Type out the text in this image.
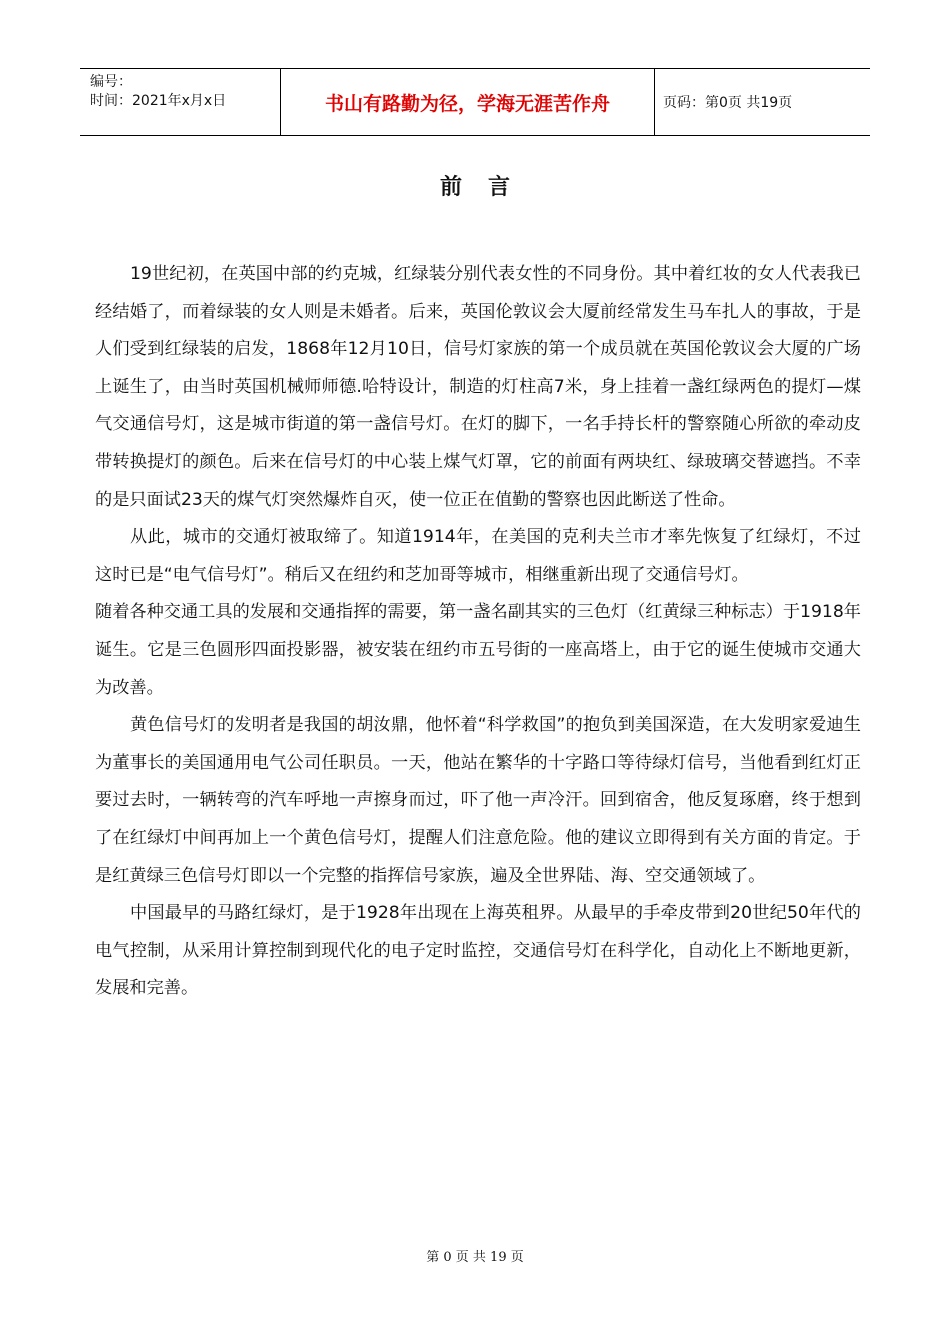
编号：
时间：2021年x月x日	书山有路勤为径，学海无涯苦作舟	页码：第0页 共19页
前言

19世纪初，在英国中部的约克城，红绿装分别代表女性的不同身份。其中着红妆的女人代表我已经结婚了，而着绿装的女人则是未婚者。后来，英国伦敦议会大厦前经常发生马车扎人的事故，于是人们受到红绿装的启发，1868年12月10日，信号灯家族的第一个成员就在英国伦敦议会大厦的广场上诞生了，由当时英国机械师师德.哈特设计，制造的灯柱高7米，身上挂着一盏红绿两色的提灯—煤气交通信号灯，这是城市街道的第一盏信号灯。在灯的脚下，一名手持长杆的警察随心所欲的牵动皮带转换提灯的颜色。后来在信号灯的中心装上煤气灯罩，它的前面有两块红、绿玻璃交替遮挡。不幸的是只面试23天的煤气灯突然爆炸自灭，使一位正在值勤的警察也因此断送了性命。

从此，城市的交通灯被取缔了。知道1914年，在美国的克利夫兰市才率先恢复了红绿灯，不过这时已是“电气信号灯”。稍后又在纽约和芝加哥等城市，相继重新出现了交通信号灯。

随着各种交通工具的发展和交通指挥的需要，第一盏名副其实的三色灯（红黄绿三种标志）于1918年诞生。它是三色圆形四面投影器，被安装在纽约市五号街的一座高塔上，由于它的诞生使城市交通大为改善。

黄色信号灯的发明者是我国的胡汝鼎，他怀着“科学救国”的抱负到美国深造，在大发明家爱迪生为董事长的美国通用电气公司任职员。一天，他站在繁华的十字路口等待绿灯信号，当他看到红灯正要过去时，一辆转弯的汽车呼地一声擦身而过，吓了他一声冷汗。回到宿舍，他反复琢磨，终于想到了在红绿灯中间再加上一个黄色信号灯，提醒人们注意危险。他的建议立即得到有关方面的肯定。于是红黄绿三色信号灯即以一个完整的指挥信号家族，遍及全世界陆、海、空交通领域了。

中国最早的马路红绿灯，是于1928年出现在上海英租界。从最早的手牵皮带到20世纪50年代的电气控制，从采用计算控制到现代化的电子定时监控，交通信号灯在科学化，自动化上不断地更新，发展和完善。

第 0 页 共 19 页
